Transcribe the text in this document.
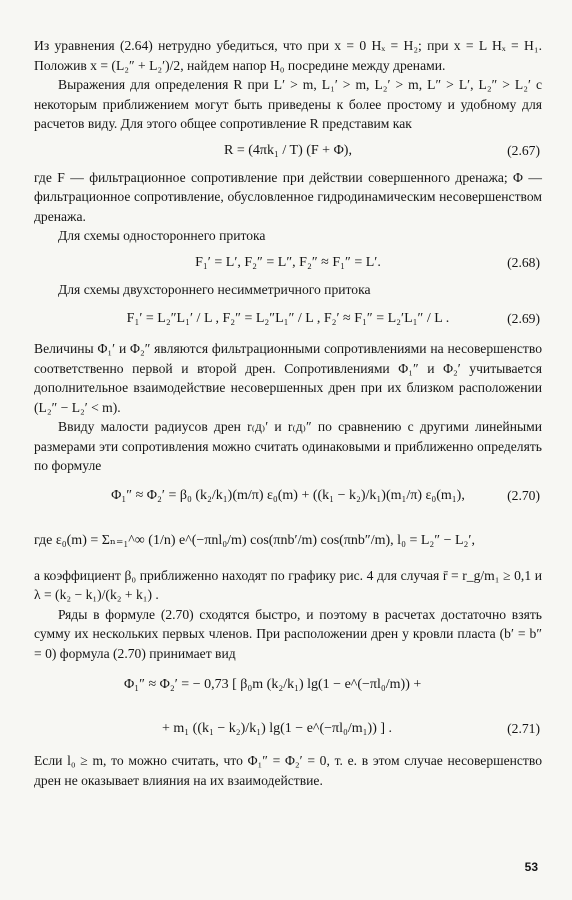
Из уравнения (2.64) нетрудно убедиться, что при x = 0 Hₓ = H₂; при x = L Hₓ = H₁. Положив x = (L₂″ + L₂′)/2, найдем напор H₀ посредине между дренами.

Выражения для определения R при L′ > m, L₁′ > m, L₂′ > m, L″ > L′, L₂″ > L₂′ с некоторым приближением могут быть приведены к более простому и удобному для расчетов виду. Для этого общее сопротивление R представим как

R = (4πk₁ / T) (F + Φ),	(2.67)

где F — фильтрационное сопротивление при действии совершенного дренажа; Φ — фильтрационное сопротивление, обусловленное гидродинамическим несовершенством дренажа.

Для схемы одностороннего притока

F₁′ = L′, F₂″ = L″, F₂″ ≈ F₁″ = L′.	(2.68)

Для схемы двухстороннего несимметричного притока

F₁′ = L₂″L₁′ / L , F₂″ = L₂″L₁″ / L , F₂′ ≈ F₁″ = L₂′L₁″ / L .	(2.69)

Величины Φ₁′ и Φ₂″ являются фильтрационными сопротивлениями на несовершенство соответственно первой и второй дрен. Сопротивлениями Φ₁″ и Φ₂′ учитывается дополнительное взаимодействие несовершенных дрен при их близком расположении (L₂″ − L₂′ < m).

Ввиду малости радиусов дрен r₍д₎′ и r₍д₎″ по сравнению с другими линейными размерами эти сопротивления можно считать одинаковыми и приближенно определять по формуле

Φ₁″ ≈ Φ₂′ = β₀ (k₂/k₁)(m/π) ε₀(m) + ((k₁ − k₂)/k₁)(m₁/π) ε₀(m₁),	(2.70)
где ε₀(m) = Σₙ₌₁^∞ (1/n) e^(−πnl₀/m) cos(πnb′/m) cos(πnb″/m), l₀ = L₂″ − L₂′,

а коэффициент β₀ приближенно находят по графику рис. 4 для случая r̄ = r_g/m₁ ≥ 0,1 и λ = (k₂ − k₁)/(k₂ + k₁) .

Ряды в формуле (2.70) сходятся быстро, и поэтому в расчетах достаточно взять сумму их нескольких первых членов. При расположении дрен у кровли пласта (b′ = b″ = 0) формула (2.70) принимает вид

Φ₁″ ≈ Φ₂′ = − 0,73 [ β₀m (k₂/k₁) lg(1 − e^(−πl₀/m)) +
+ m₁ ((k₁ − k₂)/k₁) lg(1 − e^(−πl₀/m₁)) ] .	(2.71)

Если l₀ ≥ m, то можно считать, что Φ₁″ = Φ₂′ = 0, т. е. в этом случае несовершенство дрен не оказывает влияния на их взаимодействие.

53
